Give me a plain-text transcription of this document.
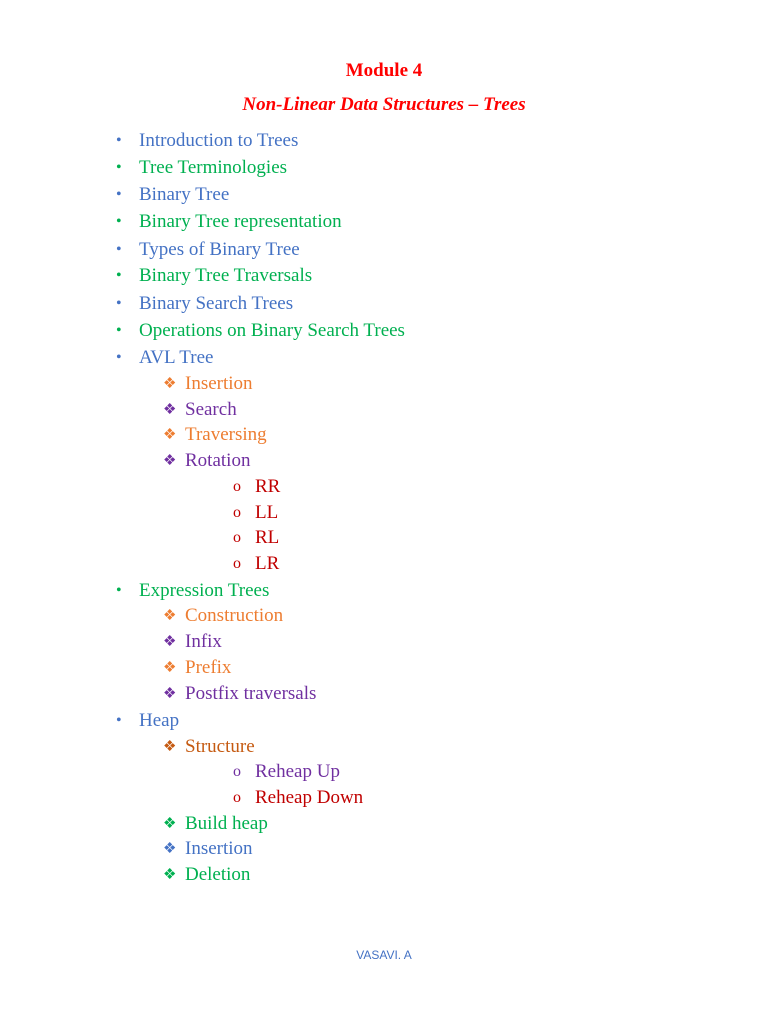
Module 4
Non-Linear Data Structures – Trees
• Introduction to Trees
• Tree Terminologies
• Binary Tree
• Binary Tree representation
• Types of Binary Tree
• Binary Tree Traversals
• Binary Search Trees
• Operations on Binary Search Trees
• AVL Tree
❖ Insertion
❖ Search
❖ Traversing
❖ Rotation
o RR
o LL
o RL
o LR
• Expression Trees
❖ Construction
❖ Infix
❖ Prefix
❖ Postfix traversals
• Heap
❖ Structure
o Reheap Up
o Reheap Down
❖ Build heap
❖ Insertion
❖ Deletion
VASAVI. A
